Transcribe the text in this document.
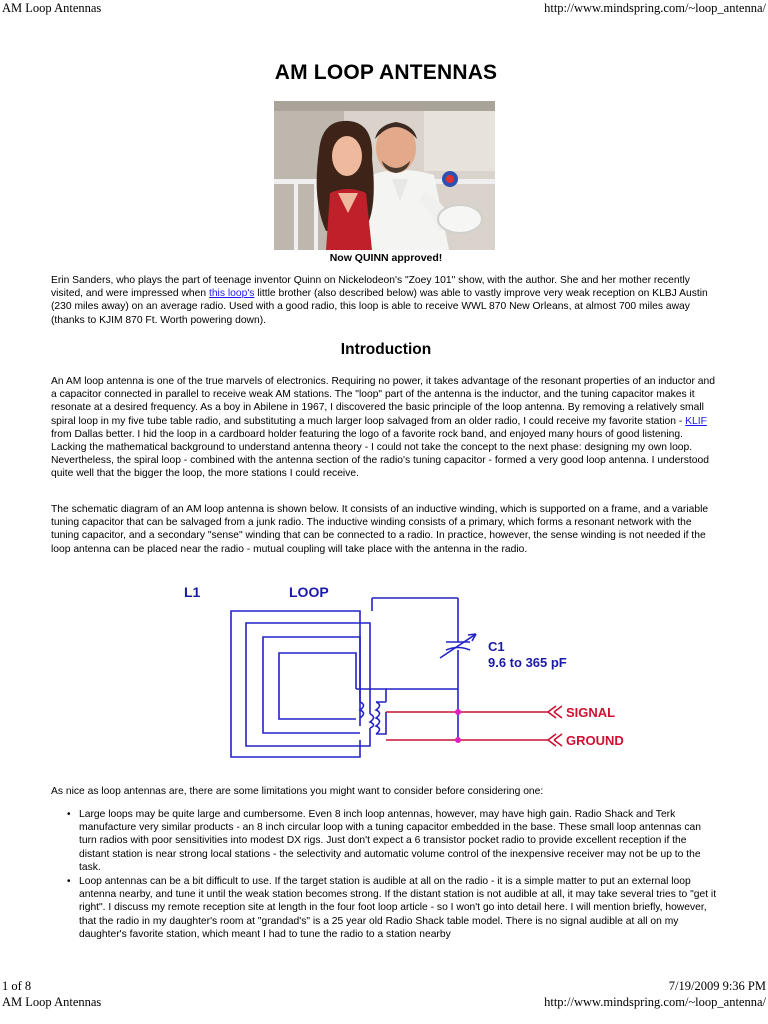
AM Loop Antennas	http://www.mindspring.com/~loop_antenna/
AM LOOP ANTENNAS
Now QUINN approved!

Erin Sanders, who plays the part of teenage inventor Quinn on Nickelodeon's "Zoey 101" show, with the author. She and her mother recently visited, and were impressed when this loop's little brother (also described below) was able to vastly improve very weak reception on KLBJ Austin (230 miles away) on an average radio. Used with a good radio, this loop is able to receive WWL 870 New Orleans, at almost 700 miles away (thanks to KJIM 870 Ft. Worth powering down).

Introduction

An AM loop antenna is one of the true marvels of electronics. Requiring no power, it takes advantage of the resonant properties of an inductor and a capacitor connected in parallel to receive weak AM stations. The "loop" part of the antenna is the inductor, and the tuning capacitor makes it resonate at a desired frequency. As a boy in Abilene in 1967, I discovered the basic principle of the loop antenna. By removing a relatively small spiral loop in my five tube table radio, and substituting a much larger loop salvaged from an older radio, I could receive my favorite station - KLIF from Dallas better. I hid the loop in a cardboard holder featuring the logo of a favorite rock band, and enjoyed many hours of good listening. Lacking the mathematical background to understand antenna theory - I could not take the concept to the next phase: designing my own loop. Nevertheless, the spiral loop - combined with the antenna section of the radio's tuning capacitor - formed a very good loop antenna. I understood quite well that the bigger the loop, the more stations I could receive.

The schematic diagram of an AM loop antenna is shown below. It consists of an inductive winding, which is supported on a frame, and a variable tuning capacitor that can be salvaged from a junk radio. The inductive winding consists of a primary, which forms a resonant network with the tuning capacitor, and a secondary "sense" winding that can be connected to a radio. In practice, however, the sense winding is not needed if the loop antenna can be placed near the radio - mutual coupling will take place with the antenna in the radio.

L1	LOOP
C1
9.6 to 365 pF
SIGNAL
GROUND

As nice as loop antennas are, there are some limitations you might want to consider before considering one:

• Large loops may be quite large and cumbersome. Even 8 inch loop antennas, however, may have high gain. Radio Shack and Terk manufacture very similar products - an 8 inch circular loop with a tuning capacitor embedded in the base. These small loop antennas can turn radios with poor sensitivities into modest DX rigs. Just don't expect a 6 transistor pocket radio to provide excellent reception if the distant station is near strong local stations - the selectivity and automatic volume control of the inexpensive receiver may not be up to the task.
• Loop antennas can be a bit difficult to use. If the target station is audible at all on the radio - it is a simple matter to put an external loop antenna nearby, and tune it until the weak station becomes strong. If the distant station is not audible at all, it may take several tries to "get it right". I discuss my remote reception site at length in the four foot loop article - so I won't go into detail here. I will mention briefly, however, that the radio in my daughter's room at "grandad's" is a 25 year old Radio Shack table model. There is no signal audible at all on my daughter's favorite station, which meant I had to tune the radio to a station nearby
1 of 8	7/19/2009 9:36 PM
AM Loop Antennas	http://www.mindspring.com/~loop_antenna/
